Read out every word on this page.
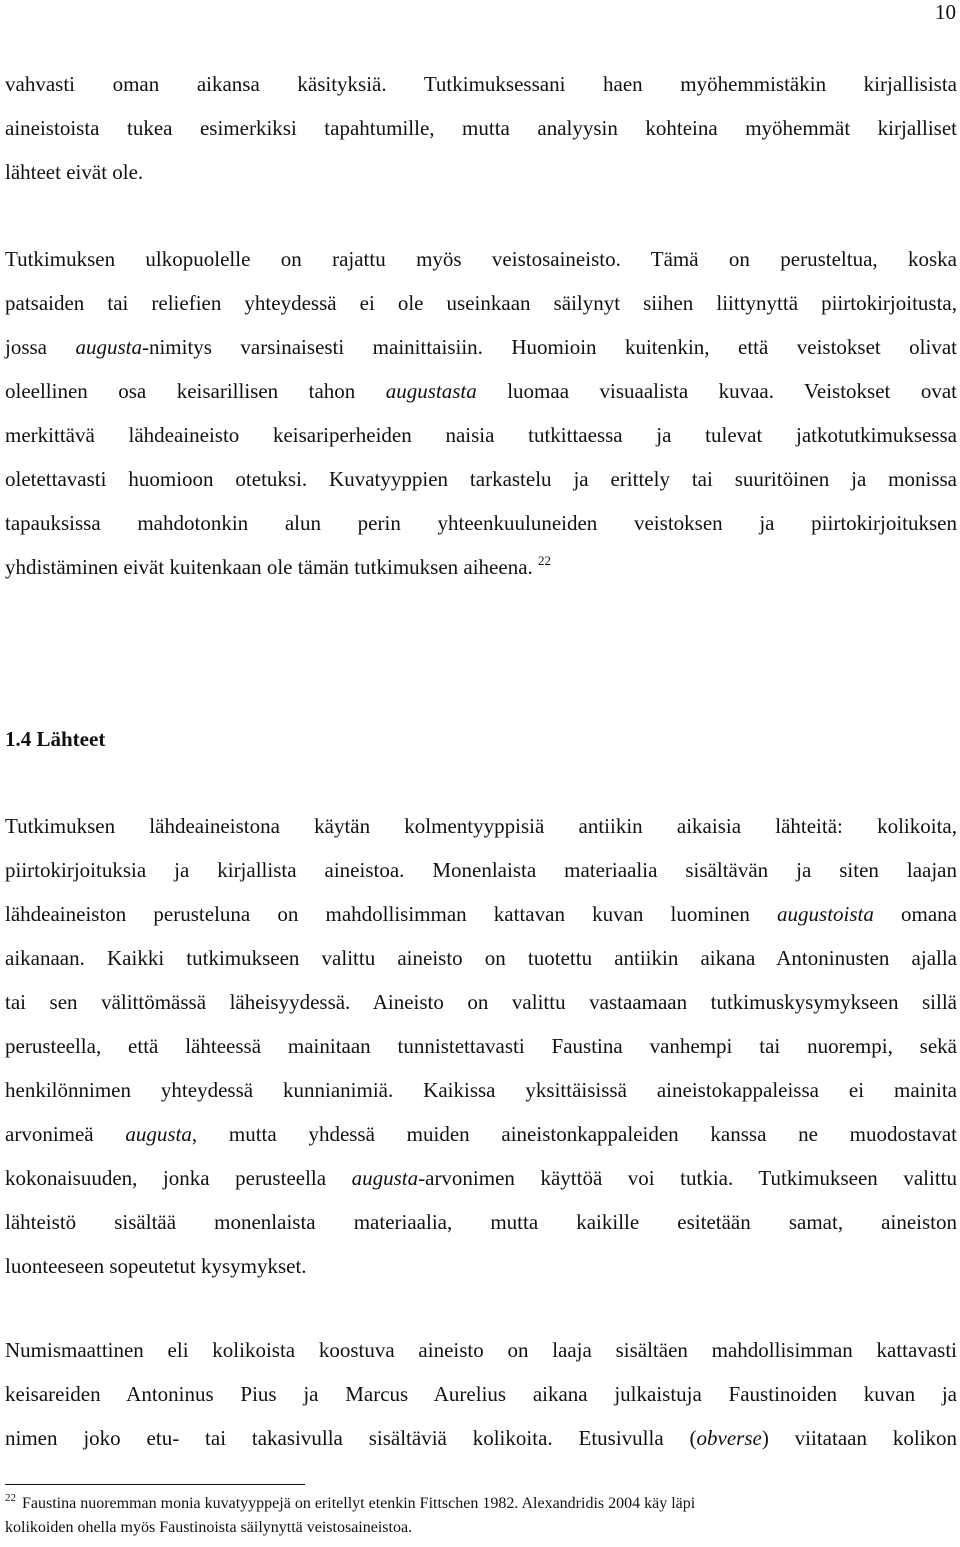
10
vahvasti oman aikansa käsityksiä. Tutkimuksessani haen myöhemmistäkin kirjallisista
aineistoista tukea esimerkiksi tapahtumille, mutta analyysin kohteina myöhemmät kirjalliset
lähteet eivät ole.
Tutkimuksen ulkopuolelle on rajattu myös veistosaineisto. Tämä on perusteltua, koska
patsaiden tai reliefien yhteydessä ei ole useinkaan säilynyt siihen liittynyttä piirtokirjoitusta,
jossa augusta-nimitys varsinaisesti mainittaisiin. Huomioin kuitenkin, että veistokset olivat
oleellinen osa keisarillisen tahon augustasta luomaa visuaalista kuvaa. Veistokset ovat
merkittävä lähdeaineisto keisariperheiden naisia tutkittaessa ja tulevat jatkotutkimuksessa
oletettavasti huomioon otetuksi. Kuvatyyppien tarkastelu ja erittely tai suuritöinen ja monissa
tapauksissa mahdotonkin alun perin yhteenkuuluneiden veistoksen ja piirtokirjoituksen
yhdistäminen eivät kuitenkaan ole tämän tutkimuksen aiheena. $^{22}$
1.4 Lähteet
Tutkimuksen lähdeaineistona käytän kolmentyyppisiä antiikin aikaisia lähteitä: kolikoita,
piirtokirjoituksia ja kirjallista aineistoa. Monenlaista materiaalia sisältävän ja siten laajan
lähdeaineiston perusteluna on mahdollisimman kattavan kuvan luominen augustoista omana
aikanaan. Kaikki tutkimukseen valittu aineisto on tuotettu antiikin aikana Antoninusten ajalla
tai sen välittömässä läheisyydessä. Aineisto on valittu vastaamaan tutkimuskysymykseen sillä
perusteella, että lähteessä mainitaan tunnistettavasti Faustina vanhempi tai nuorempi, sekä
henkilönnimen yhteydessä kunnianimiä. Kaikissa yksittäisissä aineistokappaleissa ei mainita
arvonimeä augusta, mutta yhdessä muiden aineistonkappaleiden kanssa ne muodostavat
kokonaisuuden, jonka perusteella augusta-arvonimen käyttöä voi tutkia. Tutkimukseen valittu
lähteistö sisältää monenlaista materiaalia, mutta kaikille esitetään samat, aineiston
luonteeseen sopeutetut kysymykset.
Numismaattinen eli kolikoista koostuva aineisto on laaja sisältäen mahdollisimman kattavasti
keisareiden Antoninus Pius ja Marcus Aurelius aikana julkaistuja Faustinoiden kuvan ja
nimen joko etu- tai takasivulla sisältäviä kolikoita. Etusivulla (obverse) viitataan kolikon
$^{22}$ Faustina nuoremman monia kuvatyyppejä on eritellyt etenkin Fittschen 1982. Alexandridis 2004 käy läpi
kolikoiden ohella myös Faustinoista säilynyttä veistosaineistoa.
